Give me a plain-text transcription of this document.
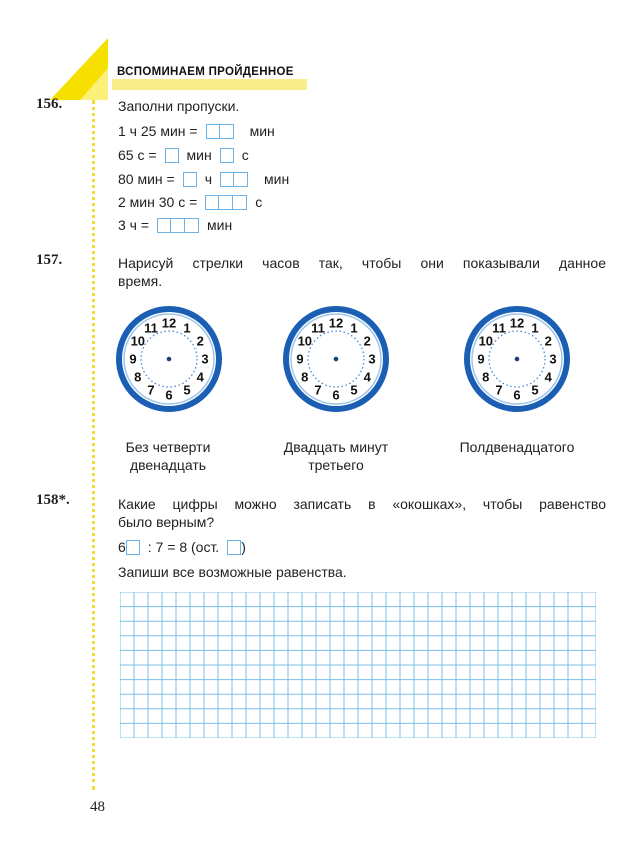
ВСПОМИНАЕМ ПРОЙДЕННОЕ
156.	Заполни пропуски.
1 ч 25 мин =	мин
65 с = мин с
80 мин = ч	мин
2 мин 30 с =	с
3 ч =	мин
157.	Нарисуй стрелки часов так, чтобы они показывали данное
время.
12 1
2
3
4
5
6
7
8
9
10
11	12 1
2
3
4
5
6
7
8
9
10
11	12 1
2
3
4
5
6
7
8
9
10
11
Без четверти
двенадцать
Двадцать минут
третьего
Полдвенадцатого
158*.	Какие цифры можно записать в «окошках», чтобы равенство
было верным?
6 : 7 = 8 (ост. )
Запиши все возможные равенства.
48
